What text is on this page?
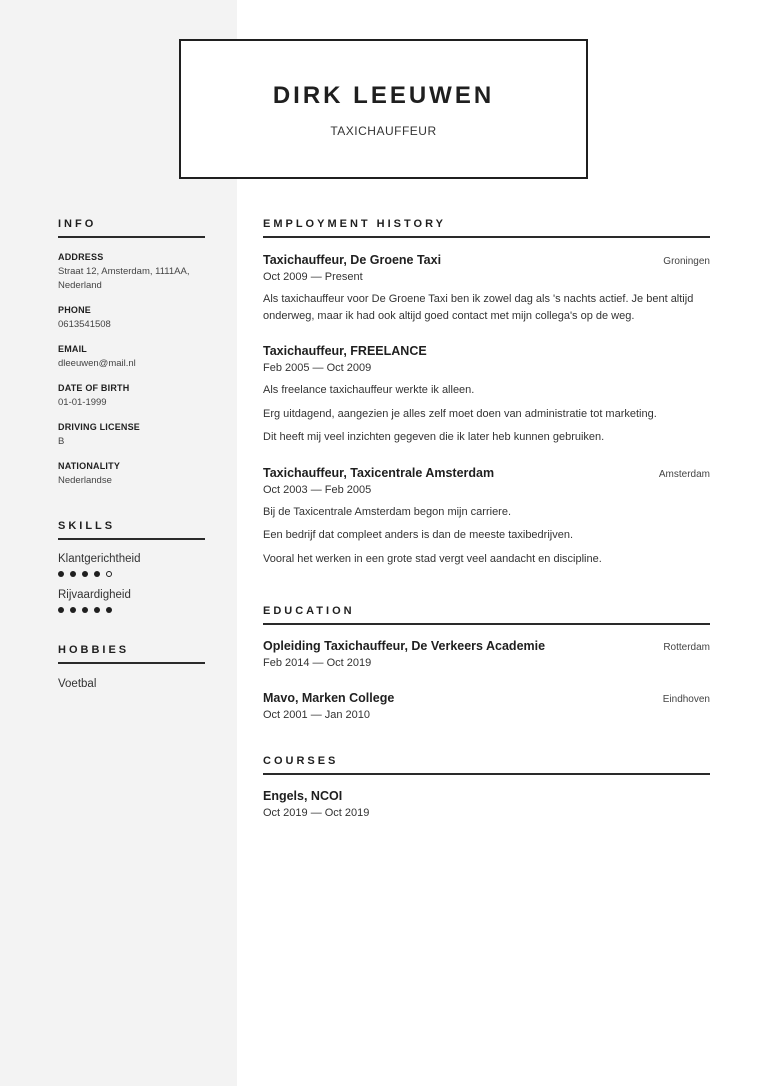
DIRK LEEUWEN
TAXICHAUFFEUR
INFO
ADDRESS
Straat 12, Amsterdam, 1111AA, Nederland
PHONE
0613541508
EMAIL
dleeuwen@mail.nl
DATE OF BIRTH
01-01-1999
DRIVING LICENSE
B
NATIONALITY
Nederlandse
SKILLS
Klantgerichtheid
Rijvaardigheid
HOBBIES
Voetbal
EMPLOYMENT HISTORY
Taxichauffeur, De Groene Taxi	Groningen
Oct 2009 — Present
Als taxichauffeur voor De Groene Taxi ben ik zowel dag als 's nachts actief. Je bent altijd onderweg, maar ik had ook altijd goed contact met mijn collega's op de weg.
Taxichauffeur, FREELANCE
Feb 2005 — Oct 2009
Als freelance taxichauffeur werkte ik alleen.
Erg uitdagend, aangezien je alles zelf moet doen van administratie tot marketing.
Dit heeft mij veel inzichten gegeven die ik later heb kunnen gebruiken.
Taxichauffeur, Taxicentrale Amsterdam	Amsterdam
Oct 2003 — Feb 2005
Bij de Taxicentrale Amsterdam begon mijn carriere.
Een bedrijf dat compleet anders is dan de meeste taxibedrijven.
Vooral het werken in een grote stad vergt veel aandacht en discipline.
EDUCATION
Opleiding Taxichauffeur, De Verkeers Academie	Rotterdam
Feb 2014 — Oct 2019
Mavo, Marken College	Eindhoven
Oct 2001 — Jan 2010
COURSES
Engels, NCOI
Oct 2019 — Oct 2019
